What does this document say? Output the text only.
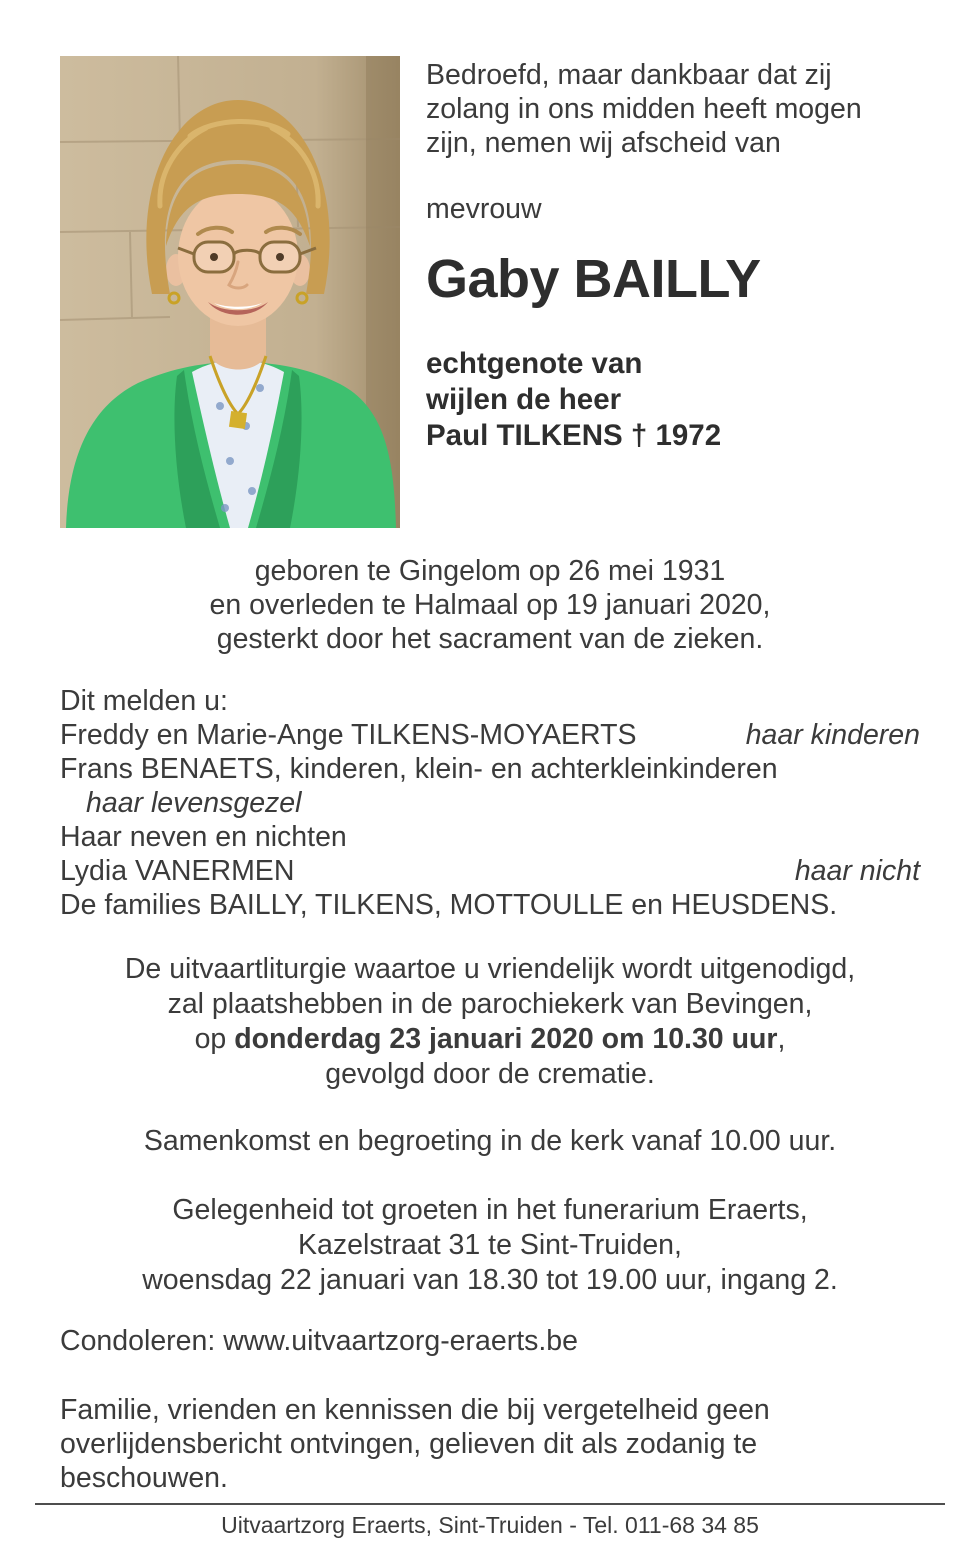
Bedroefd, maar dankbaar dat zij
zolang in ons midden heeft mogen
zijn, nemen wij afscheid van
mevrouw
Gaby BAILLY
echtgenote van
wijlen de heer
Paul TILKENS † 1972
geboren te Gingelom op 26 mei 1931
en overleden te Halmaal op 19 januari 2020,
gesterkt door het sacrament van de zieken.
Dit melden u:
Freddy en Marie-Ange TILKENS-MOYAERTS	haar kinderen
Frans BENAETS, kinderen, klein- en achterkleinkinderen
haar levensgezel
Haar neven en nichten
Lydia VANERMEN	haar nicht
De families BAILLY, TILKENS, MOTTOULLE en HEUSDENS.
De uitvaartliturgie waartoe u vriendelijk wordt uitgenodigd,
zal plaatshebben in de parochiekerk van Bevingen,
op donderdag 23 januari 2020 om 10.30 uur,
gevolgd door de crematie.
Samenkomst en begroeting in de kerk vanaf 10.00 uur.
Gelegenheid tot groeten in het funerarium Eraerts,
Kazelstraat 31 te Sint-Truiden,
woensdag 22 januari van 18.30 tot 19.00 uur, ingang 2.
Condoleren: www.uitvaartzorg-eraerts.be
Familie, vrienden en kennissen die bij vergetelheid geen
overlijdensbericht ontvingen, gelieven dit als zodanig te
beschouwen.
Uitvaartzorg Eraerts, Sint-Truiden - Tel. 011-68 34 85
